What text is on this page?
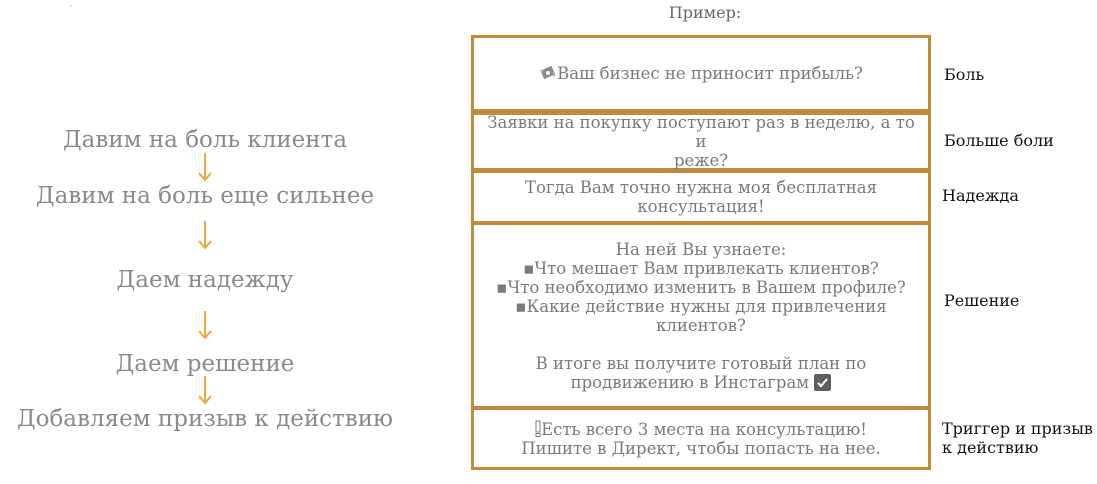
Давим на боль клиента
Давим на боль еще сильнее
Даем надежду
Даем решение
Добавляем призыв к действию
Пример:
Ваш бизнес не приносит прибыль?
Заявки на покупку поступают раз в неделю, а то и
реже?
Тогда Вам точно нужна моя бесплатная
консультация!
На ней Вы узнаете:
▪Что мешает Вам привлекать клиентов?
▪Что необходимо изменить в Вашем профиле?
▪Какие действие нужны для привлечения
клиентов?
В итоге вы получите готовый план по
продвижению в Инстаграм
Есть всего 3 места на консультацию!
Пишите в Директ, чтобы попасть на нее.
Боль
Больше боли
Надежда
Решение
Триггер и призыв
к действию
